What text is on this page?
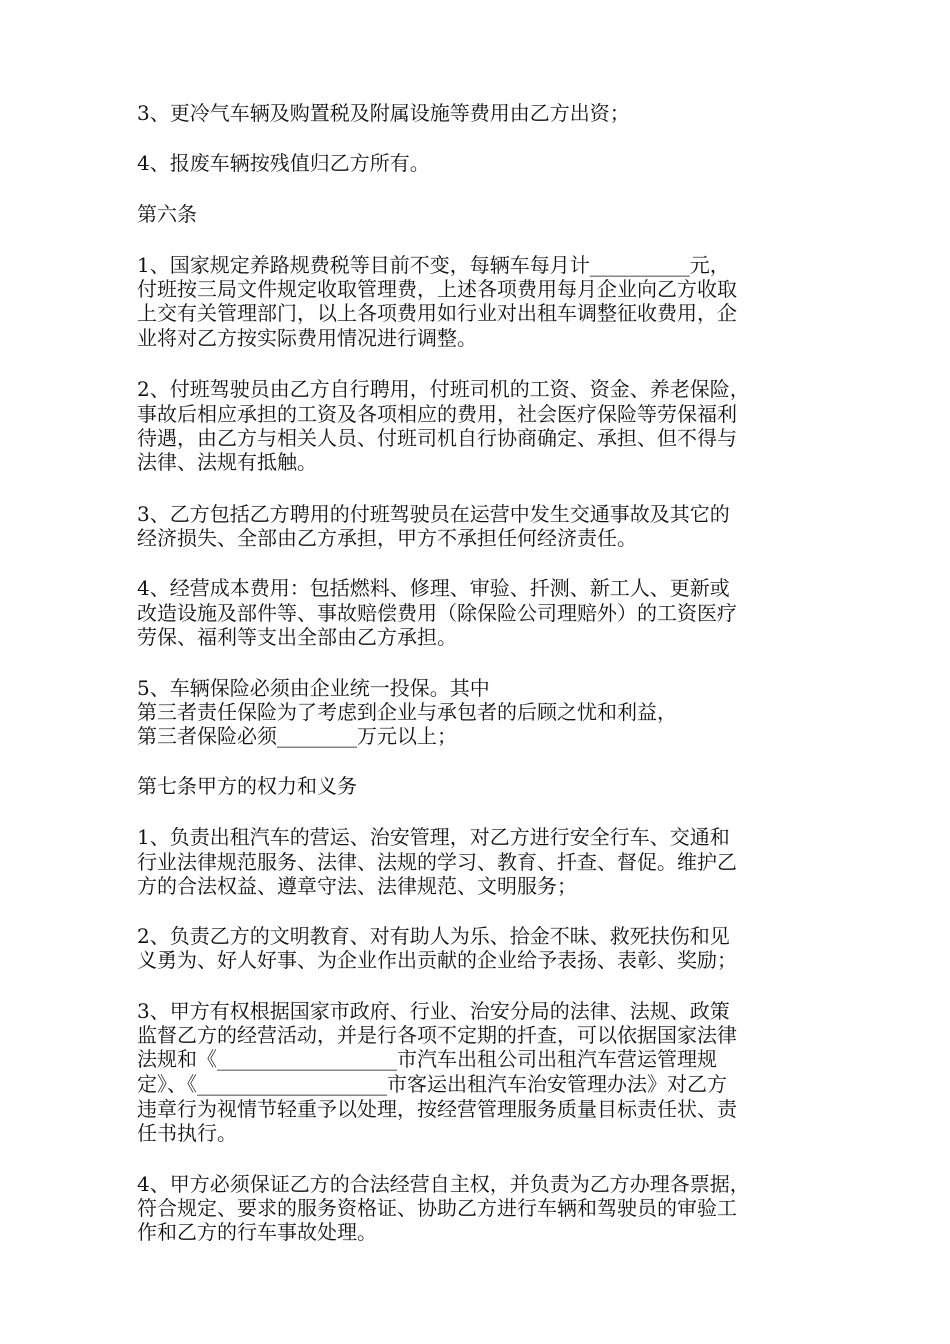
3、更冷气车辆及购置税及附属设施等费用由乙方出资；
4、报废车辆按残值归乙方所有。
第六条
1、国家规定养路规费税等目前不变，每辆车每月计__________元，
付班按三局文件规定收取管理费，上述各项费用每月企业向乙方收取
上交有关管理部门，以上各项费用如行业对出租车调整征收费用，企
业将对乙方按实际费用情况进行调整。
2、付班驾驶员由乙方自行聘用，付班司机的工资、资金、养老保险，
事故后相应承担的工资及各项相应的费用，社会医疗保险等劳保福利
待遇，由乙方与相关人员、付班司机自行协商确定、承担、但不得与
法律、法规有抵触。
3、乙方包括乙方聘用的付班驾驶员在运营中发生交通事故及其它的
经济损失、全部由乙方承担，甲方不承担任何经济责任。
4、经营成本费用：包括燃料、修理、审验、扦测、新工人、更新或
改造设施及部件等、事故赔偿费用（除保险公司理赔外）的工资医疗
劳保、福利等支出全部由乙方承担。
5、车辆保险必须由企业统一投保。其中
第三者责任保险为了考虑到企业与承包者的后顾之忧和利益，
第三者保险必须________万元以上；
第七条甲方的权力和义务
1、负责出租汽车的营运、治安管理，对乙方进行安全行车、交通和
行业法律规范服务、法律、法规的学习、教育、扦查、督促。维护乙
方的合法权益、遵章守法、法律规范、文明服务；
2、负责乙方的文明教育、对有助人为乐、拾金不昧、救死扶伤和见
义勇为、好人好事、为企业作出贡献的企业给予表扬、表彰、奖励；
3、甲方有权根据国家市政府、行业、治安分局的法律、法规、政策
监督乙方的经营活动，并是行各项不定期的扦查，可以依据国家法律
法规和《__________________市汽车出租公司出租汽车营运管理规
定》、《___________________市客运出租汽车治安管理办法》对乙方
违章行为视情节轻重予以处理，按经营管理服务质量目标责任状、责
任书执行。
4、甲方必须保证乙方的合法经营自主权，并负责为乙方办理各票据，
符合规定、要求的服务资格证、协助乙方进行车辆和驾驶员的审验工
作和乙方的行车事故处理。
